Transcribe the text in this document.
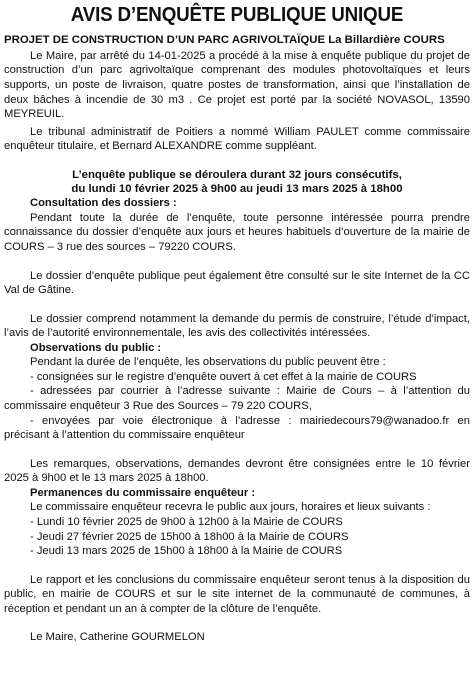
AVIS D’ENQUÊTE PUBLIQUE UNIQUE
PROJET DE CONSTRUCTION D’UN PARC AGRIVOLTAÏQUE La Billardière COURS

Le Maire, par arrêté du 14-01-2025 a procédé à la mise à enquête publique du projet de construction d’un parc agrivoltaïque comprenant des modules photovoltaïques et leurs supports, un poste de livraison, quatre postes de transformation, ainsi que l’installation de deux bâches à incendie de 30 m3 . Ce projet est porté par la société NOVASOL, 13590 MEYREUIL.

Le tribunal administratif de Poitiers a nommé William PAULET comme commissaire enquêteur titulaire, et Bernard ALEXANDRE comme suppléant.

L’enquête publique se déroulera durant 32 jours consécutifs,
du lundi 10 février 2025 à 9h00 au jeudi 13 mars 2025 à 18h00
Consultation des dossiers :

Pendant toute la durée de l’enquête, toute personne intéressée pourra prendre connaissance du dossier d’enquête aux jours et heures habituels d’ouverture de la mairie de COURS – 3 rue des sources – 79220 COURS.

Le dossier d’enquête publique peut également être consulté sur le site Internet de la CC Val de Gâtine.

Le dossier comprend notamment la demande du permis de construire, l’étude d’impact, l’avis de l’autorité environnementale, les avis des collectivités intéressées.

Observations du public :

Pendant la durée de l’enquête, les observations du public peuvent être :

- consignées sur le registre d’enquête ouvert à cet effet à la mairie de COURS

- adressées par courrier à l’adresse suivante : Mairie de Cours – à l’attention du commissaire enquêteur 3 Rue des Sources – 79 220 COURS,

- envoyées par voie électronique à l’adresse : mairiedecours79@wanadoo.fr en précisant à l’attention du commissaire enquêteur

Les remarques, observations, demandes devront être consignées entre le 10 février 2025 à 9h00 et le 13 mars 2025 à 18h00.

Permanences du commissaire enquêteur :

Le commissaire enquêteur recevra le public aux jours, horaires et lieux suivants :

- Lundi 10 février 2025 de 9h00 à 12h00 à la Mairie de COURS
- Jeudi 27 février 2025 de 15h00 à 18h00 à la Mairie de COURS
- Jeudi 13 mars 2025 de 15h00 à 18h00 à la Mairie de COURS

Le rapport et les conclusions du commissaire enquêteur seront tenus à la disposition du public, en mairie de COURS et sur le site internet de la communauté de communes, à réception et pendant un an à compter de la clôture de l’enquête.

Le Maire, Catherine GOURMELON
